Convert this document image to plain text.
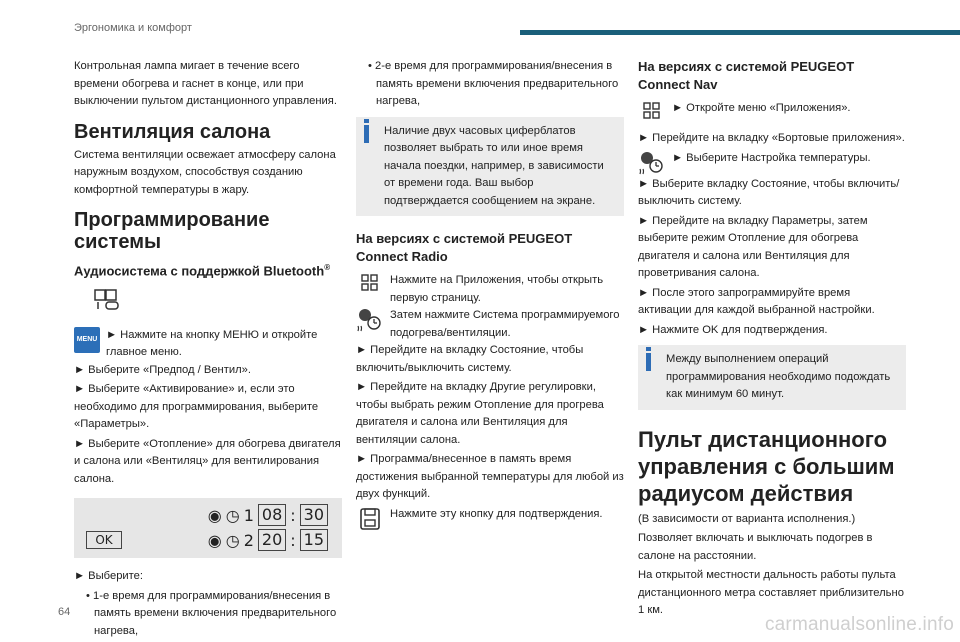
Эргономика и комфорт

Контрольная лампа мигает в течение всего времени обогрева и гаснет в конце, или при выключении пультом дистанционного управления.

Вентиляция салона

Система вентиляции освежает атмосферу салона наружным воздухом, способствуя созданию комфортной температуры в жару.

Программирование системы
Аудиосистема с поддержкой Bluetooth®
MENU ► Нажмите на кнопку МЕНЮ и откройте главное меню.

► Выберите «Предпод / Вентил».

► Выберите «Активирование» и, если это необходимо для программирования, выберите «Параметры».

► Выберите «Отопление» для обогрева двигателя и салона или «Вентиляц» для вентилирования салона.

OK
◉ ◷ 1 08 : 30
◉ ◷ 2 20 : 15

► Выберите:

• 1-е время для программирования/внесения в память времени включения предварительного нагрева,

• 2-е время для программирования/внесения в память времени включения предварительного нагрева,

Наличие двух часовых циферблатов позволяет выбрать то или иное время начала поездки, например, в зависимости от времени года. Ваш выбор подтверждается сообщением на экране.
На версиях с системой PEUGEOT Connect Radio
Нажмите на Приложения, чтобы открыть первую страницу.
Затем нажмите Система программируемого подогрева/вентиляции.

► Перейдите на вкладку Состояние, чтобы включить/выключить систему.

► Перейдите на вкладку Другие регулировки, чтобы выбрать режим Отопление для прогрева двигателя и салона или Вентиляция для вентиляции салона.

► Программа/внесенное в память время достижения выбранной температуры для любой из двух функций.

Нажмите эту кнопку для подтверждения.
На версиях с системой PEUGEOT Connect Nav
► Откройте меню «Приложения».

► Перейдите на вкладку «Бортовые приложения».

► Выберите Настройка температуры.

► Выберите вкладку Состояние, чтобы включить/выключить систему.

► Перейдите на вкладку Параметры, затем выберите режим Отопление для обогрева двигателя и салона или Вентиляция для проветривания салона.

► После этого запрограммируйте время активации для каждой выбранной настройки.

► Нажмите OK для подтверждения.

Между выполнением операций программирования необходимо подождать как минимум 60 минут.
Пульт дистанционного управления с большим радиусом действия

(В зависимости от варианта исполнения.)

Позволяет включать и выключать подогрев в салоне на расстоянии.

На открытой местности дальность работы пульта дистанционного метра составляет приблизительно 1 км.

64
carmanualsonline.info
